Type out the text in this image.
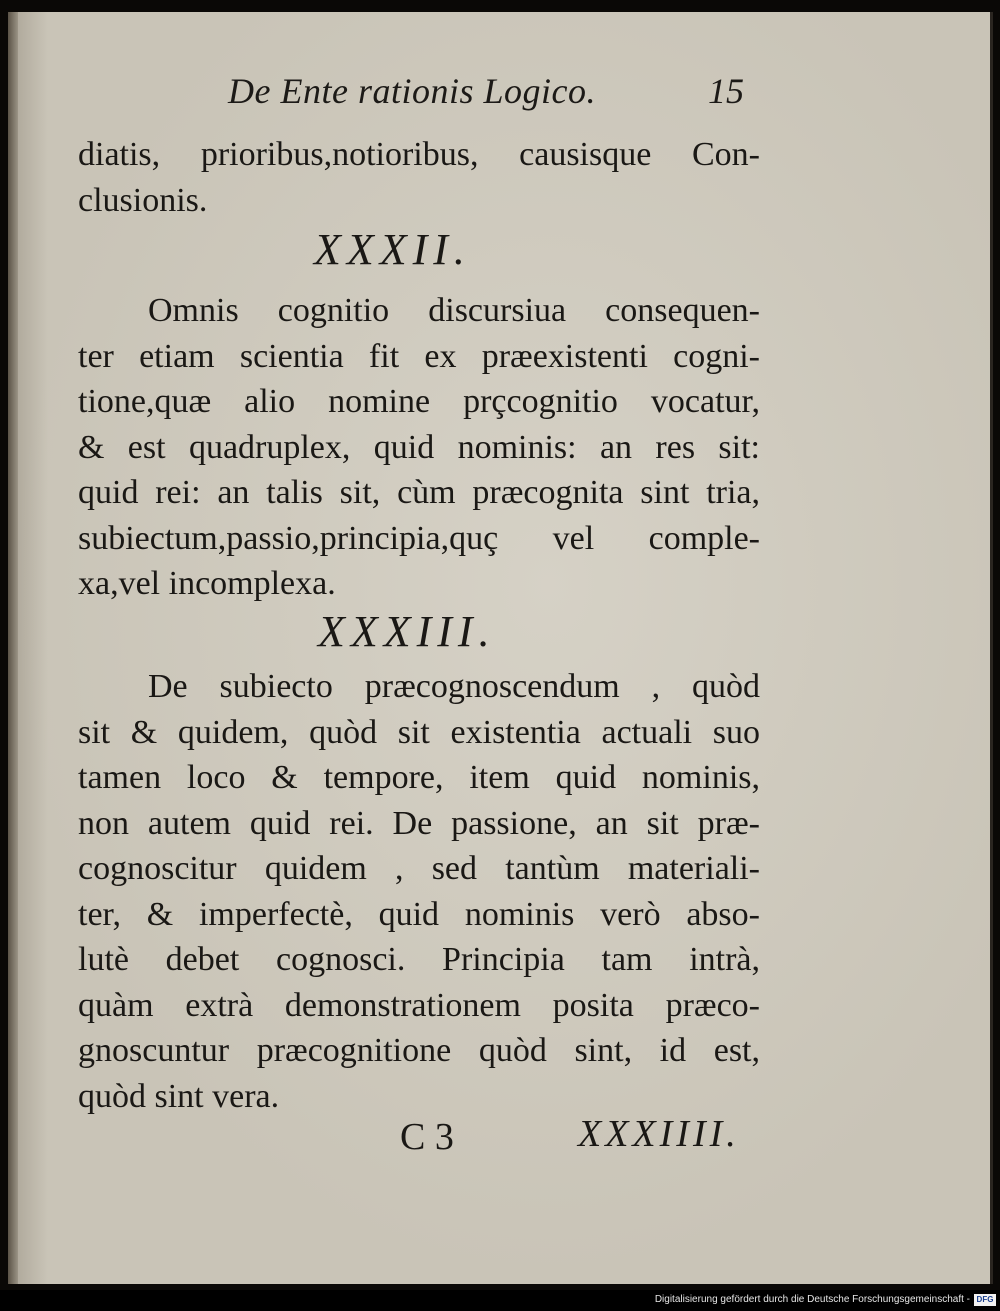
De Ente rationis Logico.	15
diatis, prioribus,notioribus, causisque Con-
clusionis.
XXXII.
Omnis cognitio discursiua consequen-
ter etiam scientia fit ex præexistenti cogni-
tione,quæ alio nomine prçcognitio vocatur,
& est quadruplex, quid nominis: an res sit:
quid rei: an talis sit, cùm præcognita sint tria,
subiectum,passio,principia,quç vel comple-
xa,vel incomplexa.
XXXIII.
De subiecto præcognoscendum , quòd
sit & quidem, quòd sit existentia actuali suo
tamen loco & tempore, item quid nominis,
non autem quid rei. De passione, an sit præ-
cognoscitur quidem , sed tantùm materiali-
ter, & imperfectè, quid nominis verò abso-
lutè debet cognosci. Principia tam intrà,
quàm extrà demonstrationem posita præco-
gnoscuntur præcognitione quòd sint, id est,
quòd sint vera.
C 3	XXXIIII.
Digitalisierung gefördert durch die Deutsche Forschungsgemeinschaft - DFG
